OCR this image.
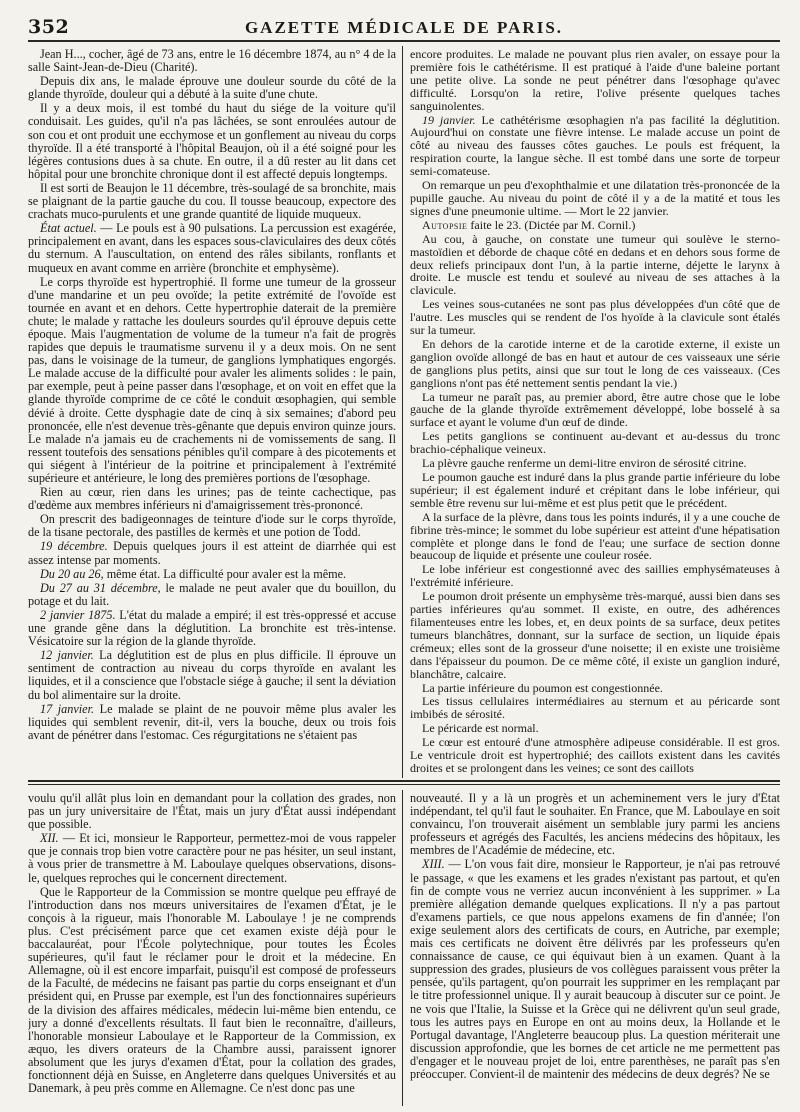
352	GAZETTE MÉDICALE DE PARIS.

Jean H..., cocher, âgé de 73 ans, entre le 16 décembre 1874, au n° 4 de la salle Saint-Jean-de-Dieu (Charité).

Depuis dix ans, le malade éprouve une douleur sourde du côté de la glande thyroïde, douleur qui a débuté à la suite d'une chute.

Il y a deux mois, il est tombé du haut du siége de la voiture qu'il conduisait. Les guides, qu'il n'a pas lâchées, se sont enroulées autour de son cou et ont produit une ecchymose et un gonflement au niveau du corps thyroïde. Il a été transporté à l'hôpital Beaujon, où il a été soigné pour les légères contusions dues à sa chute. En outre, il a dû rester au lit dans cet hôpital pour une bronchite chronique dont il est affecté depuis longtemps.

Il est sorti de Beaujon le 11 décembre, très-soulagé de sa bronchite, mais se plaignant de la partie gauche du cou. Il tousse beaucoup, expectore des crachats muco-purulents et une grande quantité de liquide muqueux.

État actuel. — Le pouls est à 90 pulsations. La percussion est exagérée, principalement en avant, dans les espaces sous-claviculaires des deux côtés du sternum. A l'auscultation, on entend des râles sibilants, ronflants et muqueux en avant comme en arrière (bronchite et emphysème).

Le corps thyroïde est hypertrophié. Il forme une tumeur de la grosseur d'une mandarine et un peu ovoïde; la petite extrémité de l'ovoïde est tournée en avant et en dehors. Cette hypertrophie daterait de la première chute; le malade y rattache les douleurs sourdes qu'il éprouve depuis cette époque. Mais l'augmentation de volume de la tumeur n'a fait de progrès rapides que depuis le traumatisme survenu il y a deux mois. On ne sent pas, dans le voisinage de la tumeur, de ganglions lymphatiques engorgés. Le malade accuse de la difficulté pour avaler les aliments solides : le pain, par exemple, peut à peine passer dans l'œsophage, et on voit en effet que la glande thyroïde comprime de ce côté le conduit œsophagien, qui semble dévié à droite. Cette dysphagie date de cinq à six semaines; d'abord peu prononcée, elle n'est devenue très-gênante que depuis environ quinze jours. Le malade n'a jamais eu de crachements ni de vomissements de sang. Il ressent toutefois des sensations pénibles qu'il compare à des picotements et qui siégent à l'intérieur de la poitrine et principalement à l'extrémité supérieure et antérieure, le long des premières portions de l'œsophage.

Rien au cœur, rien dans les urines; pas de teinte cachectique, pas d'œdème aux membres inférieurs ni d'amaigrissement très-prononcé.

On prescrit des badigeonnages de teinture d'iode sur le corps thyroïde, de la tisane pectorale, des pastilles de kermès et une potion de Todd.

19 décembre. Depuis quelques jours il est atteint de diarrhée qui est assez intense par moments.

Du 20 au 26, même état. La difficulté pour avaler est la même.

Du 27 au 31 décembre, le malade ne peut avaler que du bouillon, du potage et du lait.

2 janvier 1875. L'état du malade a empiré; il est très-oppressé et accuse une grande gêne dans la déglutition. La bronchite est très-intense. Vésicatoire sur la région de la glande thyroïde.

12 janvier. La déglutition est de plus en plus difficile. Il éprouve un sentiment de contraction au niveau du corps thyroïde en avalant les liquides, et il a conscience que l'obstacle siége à gauche; il sent la déviation du bol alimentaire sur la droite.

17 janvier. Le malade se plaint de ne pouvoir même plus avaler les liquides qui semblent revenir, dit-il, vers la bouche, deux ou trois fois avant de pénétrer dans l'estomac. Ces régurgitations ne s'étaient pas

encore produites. Le malade ne pouvant plus rien avaler, on essaye pour la première fois le cathétérisme. Il est pratiqué à l'aide d'une baleine portant une petite olive. La sonde ne peut pénétrer dans l'œsophage qu'avec difficulté. Lorsqu'on la retire, l'olive présente quelques taches sanguinolentes.

19 janvier. Le cathétérisme œsophagien n'a pas facilité la déglutition. Aujourd'hui on constate une fièvre intense. Le malade accuse un point de côté au niveau des fausses côtes gauches. Le pouls est fréquent, la respiration courte, la langue sèche. Il est tombé dans une sorte de torpeur semi-comateuse.

On remarque un peu d'exophthalmie et une dilatation très-prononcée de la pupille gauche. Au niveau du point de côté il y a de la matité et tous les signes d'une pneumonie ultime. — Mort le 22 janvier.

Autopsie faite le 23. (Dictée par M. Cornil.)

Au cou, à gauche, on constate une tumeur qui soulève le sterno-mastoïdien et déborde de chaque côté en dedans et en dehors sous forme de deux reliefs principaux dont l'un, à la partie interne, déjette le larynx à droite. Le muscle est tendu et soulevé au niveau de ses attaches à la clavicule.

Les veines sous-cutanées ne sont pas plus développées d'un côté que de l'autre. Les muscles qui se rendent de l'os hyoïde à la clavicule sont étalés sur la tumeur.

En dehors de la carotide interne et de la carotide externe, il existe un ganglion ovoïde allongé de bas en haut et autour de ces vaisseaux une série de ganglions plus petits, ainsi que sur tout le long de ces vaisseaux. (Ces ganglions n'ont pas été nettement sentis pendant la vie.)

La tumeur ne paraît pas, au premier abord, être autre chose que le lobe gauche de la glande thyroïde extrêmement développé, lobe bosselé à sa surface et ayant le volume d'un œuf de dinde.

Les petits ganglions se continuent au-devant et au-dessus du tronc brachio-céphalique veineux.

La plèvre gauche renferme un demi-litre environ de sérosité citrine.

Le poumon gauche est induré dans la plus grande partie inférieure du lobe supérieur; il est également induré et crépitant dans le lobe inférieur, qui semble être revenu sur lui-même et est plus petit que le précédent.

A la surface de la plèvre, dans tous les points indurés, il y a une couche de fibrine très-mince; le sommet du lobe supérieur est atteint d'une hépatisation complète et plonge dans le fond de l'eau; une surface de section donne beaucoup de liquide et présente une couleur rosée.

Le lobe inférieur est congestionné avec des saillies emphysémateuses à l'extrémité inférieure.

Le poumon droit présente un emphysème très-marqué, aussi bien dans ses parties inférieures qu'au sommet. Il existe, en outre, des adhérences filamenteuses entre les lobes, et, en deux points de sa surface, deux petites tumeurs blanchâtres, donnant, sur la surface de section, un liquide épais crémeux; elles sont de la grosseur d'une noisette; il en existe une troisième dans l'épaisseur du poumon. De ce même côté, il existe un ganglion induré, blanchâtre, calcaire.

La partie inférieure du poumon est congestionnée.

Les tissus cellulaires intermédiaires au sternum et au péricarde sont imbibés de sérosité.

Le péricarde est normal.

Le cœur est entouré d'une atmosphère adipeuse considérable. Il est gros. Le ventricule droit est hypertrophié; des caillots existent dans les cavités droites et se prolongent dans les veines; ce sont des caillots

voulu qu'il allât plus loin en demandant pour la collation des grades, non pas un jury universitaire de l'État, mais un jury d'État aussi indépendant que possible.

XII. — Et ici, monsieur le Rapporteur, permettez-moi de vous rappeler que je connais trop bien votre caractère pour ne pas hésiter, un seul instant, à vous prier de transmettre à M. Laboulaye quelques observations, disons-le, quelques reproches qui le concernent directement.

Que le Rapporteur de la Commission se montre quelque peu effrayé de l'introduction dans nos mœurs universitaires de l'examen d'État, je le conçois à la rigueur, mais l'honorable M. Laboulaye ! je ne comprends plus. C'est précisément parce que cet examen existe déjà pour le baccalauréat, pour l'École polytechnique, pour toutes les Écoles supérieures, qu'il faut le réclamer pour le droit et la médecine. En Allemagne, où il est encore imparfait, puisqu'il est composé de professeurs de la Faculté, de médecins ne faisant pas partie du corps enseignant et d'un président qui, en Prusse par exemple, est l'un des fonctionnaires supérieurs de la division des affaires médicales, médecin lui-même bien entendu, ce jury a donné d'excellents résultats. Il faut bien le reconnaître, d'ailleurs, l'honorable monsieur Laboulaye et le Rapporteur de la Commission, ex æquo, les divers orateurs de la Chambre aussi, paraissent ignorer absolument que les jurys d'examen d'État, pour la collation des grades, fonctionnent déjà en Suisse, en Angleterre dans quelques Universités et au Danemark, à peu près comme en Allemagne. Ce n'est donc pas une

nouveauté. Il y a là un progrès et un acheminement vers le jury d'État indépendant, tel qu'il faut le souhaiter. En France, que M. Laboulaye en soit convaincu, l'on trouverait aisément un semblable jury parmi les anciens professeurs et agrégés des Facultés, les anciens médecins des hôpitaux, les membres de l'Académie de médecine, etc.

XIII. — L'on vous fait dire, monsieur le Rapporteur, je n'ai pas retrouvé le passage, « que les examens et les grades n'existant pas partout, et qu'en fin de compte vous ne verriez aucun inconvénient à les supprimer. » La première allégation demande quelques explications. Il n'y a pas partout d'examens partiels, ce que nous appelons examens de fin d'année; l'on exige seulement alors des certificats de cours, en Autriche, par exemple; mais ces certificats ne doivent être délivrés par les professeurs qu'en connaissance de cause, ce qui équivaut bien à un examen. Quant à la suppression des grades, plusieurs de vos collègues paraissent vous prêter la pensée, qu'ils partagent, qu'on pourrait les supprimer en les remplaçant par le titre professionnel unique. Il y aurait beaucoup à discuter sur ce point. Je ne vois que l'Italie, la Suisse et la Grèce qui ne délivrent qu'un seul grade, tous les autres pays en Europe en ont au moins deux, la Hollande et le Portugal davantage, l'Angleterre beaucoup plus. La question mériterait une discussion approfondie, que les bornes de cet article ne me permettent pas d'engager et le nouveau projet de loi, entre parenthèses, ne paraît pas s'en préoccuper. Convient-il de maintenir des médecins de deux degrés? Ne se
